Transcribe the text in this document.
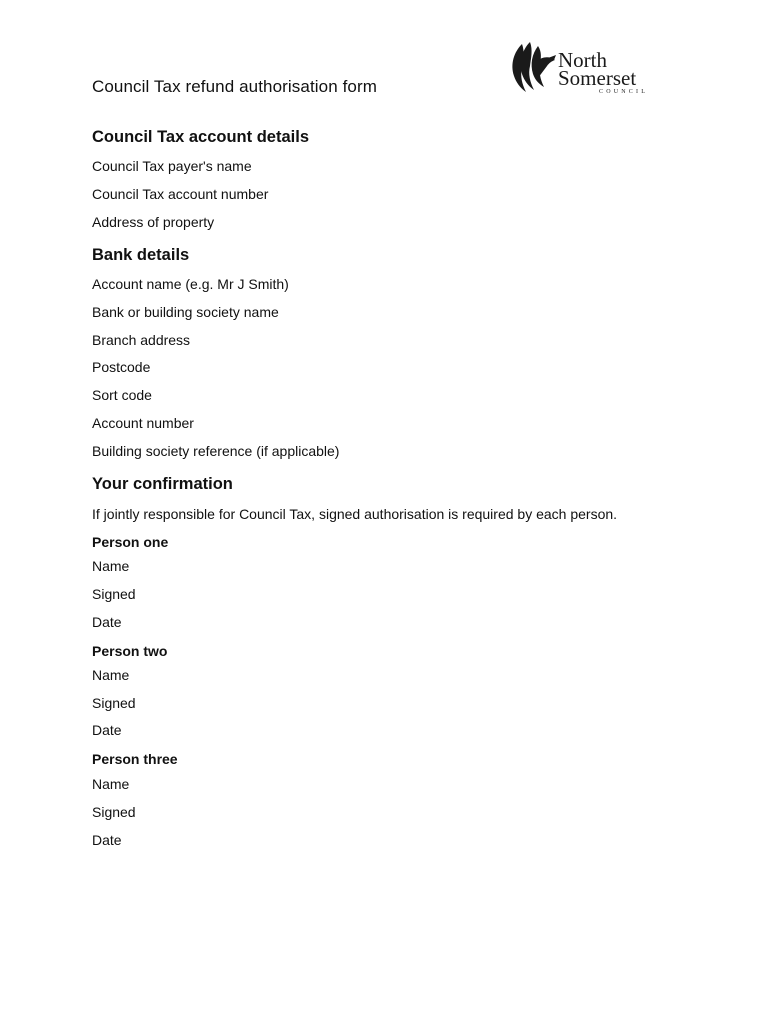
Council Tax refund authorisation form
North
Somerset
COUNCIL
Council Tax account details
Council Tax payer's name
Council Tax account number
Address of property
Bank details
Account name (e.g. Mr J Smith)
Bank or building society name
Branch address
Postcode
Sort code
Account number
Building society reference (if applicable)
Your confirmation
If jointly responsible for Council Tax, signed authorisation is required by each person.
Person one
Name
Signed
Date
Person two
Name
Signed
Date
Person three
Name
Signed
Date
